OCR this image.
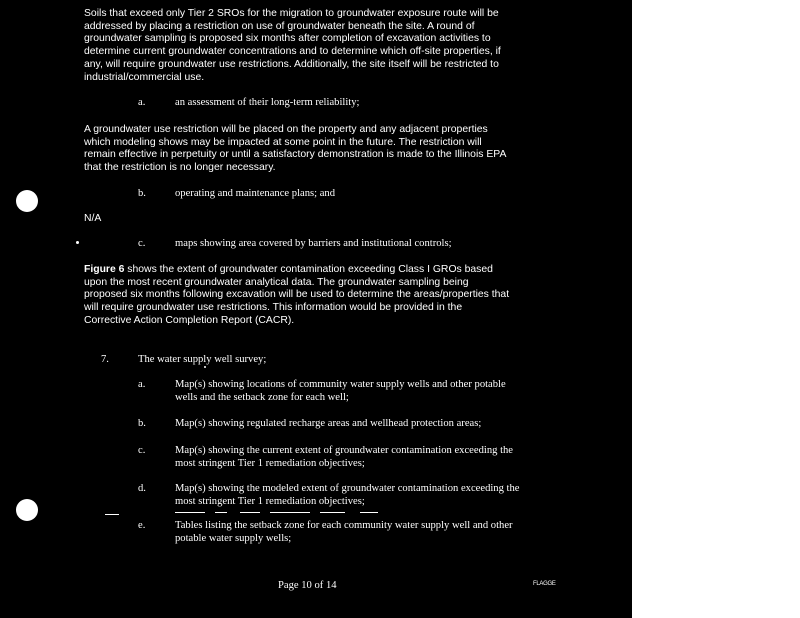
Soils that exceed only Tier 2 SROs for the migration to groundwater exposure route will be
addressed by placing a restriction on use of groundwater beneath the site. A round of
groundwater sampling is proposed six months after completion of excavation activities to
determine current groundwater concentrations and to determine which off-site properties, if
any, will require groundwater use restrictions. Additionally, the site itself will be restricted to
industrial/commercial use.
a.	an assessment of their long-term reliability;
A groundwater use restriction will be placed on the property and any adjacent properties
which modeling shows may be impacted at some point in the future. The restriction will
remain effective in perpetuity or until a satisfactory demonstration is made to the Illinois EPA
that the restriction is no longer necessary.
b.	operating and maintenance plans; and
N/A
c.	maps showing area covered by barriers and institutional controls;
Figure 6 shows the extent of groundwater contamination exceeding Class I GROs based
upon the most recent groundwater analytical data. The groundwater sampling being
proposed six months following excavation will be used to determine the areas/properties that
will require groundwater use restrictions. This information would be provided in the
Corrective Action Completion Report (CACR).
7.	The water supply well survey;
a.	Map(s) showing locations of community water supply wells and other potable
wells and the setback zone for each well;
b.	Map(s) showing regulated recharge areas and wellhead protection areas;
c.	Map(s) showing the current extent of groundwater contamination exceeding the
most stringent Tier 1 remediation objectives;
d.	Map(s) showing the modeled extent of groundwater contamination exceeding the
most stringent Tier 1 remediation objectives;
e.	Tables listing the setback zone for each community water supply well and other
potable water supply wells;
Page 10 of 14	FLAGGE
